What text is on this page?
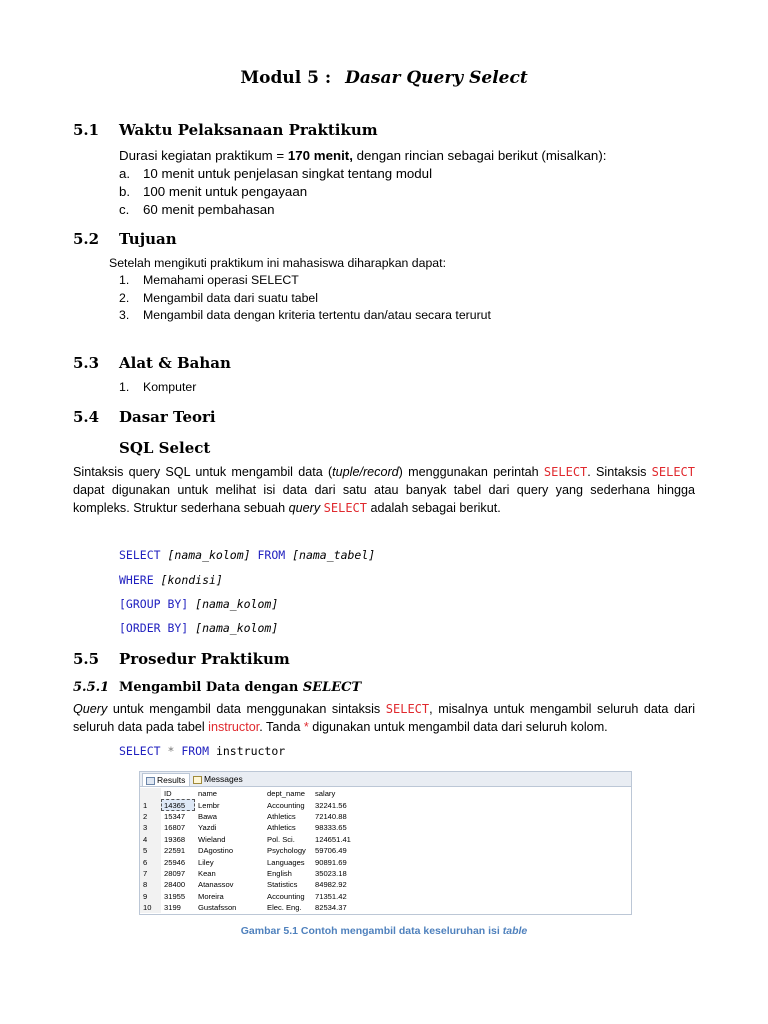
Modul 5 : Dasar Query Select
5.1 Waktu Pelaksanaan Praktikum
Durasi kegiatan praktikum = 170 menit, dengan rincian sebagai berikut (misalkan):
a. 10 menit untuk penjelasan singkat tentang modul
b. 100 menit untuk pengayaan
c. 60 menit pembahasan
5.2 Tujuan
Setelah mengikuti praktikum ini mahasiswa diharapkan dapat:
1. Memahami operasi SELECT
2. Mengambil data dari suatu tabel
3. Mengambil data dengan kriteria tertentu dan/atau secara terurut
5.3 Alat & Bahan
1. Komputer
5.4 Dasar Teori
SQL Select
Sintaksis query SQL untuk mengambil data (tuple/record) menggunakan perintah SELECT. Sintaksis SELECT dapat digunakan untuk melihat isi data dari satu atau banyak tabel dari query yang sederhana hingga kompleks. Struktur sederhana sebuah query SELECT adalah sebagai berikut.
SELECT [nama_kolom] FROM [nama_tabel]
WHERE [kondisi]
[GROUP BY] [nama_kolom]
[ORDER BY] [nama_kolom]
5.5 Prosedur Praktikum
5.5.1 Mengambil Data dengan SELECT
Query untuk mengambil data menggunakan sintaksis SELECT, misalnya untuk mengambil seluruh data dari seluruh data pada tabel instructor. Tanda * digunakan untuk mengambil data dari seluruh kolom.
SELECT * FROM instructor
Results	Messages
	ID	name	dept_name	salary
1	14365	Lembr	Accounting	32241.56
2	15347	Bawa	Athletics	72140.88
3	16807	Yazdi	Athletics	98333.65
4	19368	Wieland	Pol. Sci.	124651.41
5	22591	DAgostino	Psychology	59706.49
6	25946	Liley	Languages	90891.69
7	28097	Kean	English	35023.18
8	28400	Atanassov	Statistics	84982.92
9	31955	Moreira	Accounting	71351.42
10	3199	Gustafsson	Elec. Eng.	82534.37
Gambar 5.1 Contoh mengambil data keseluruhan isi table
